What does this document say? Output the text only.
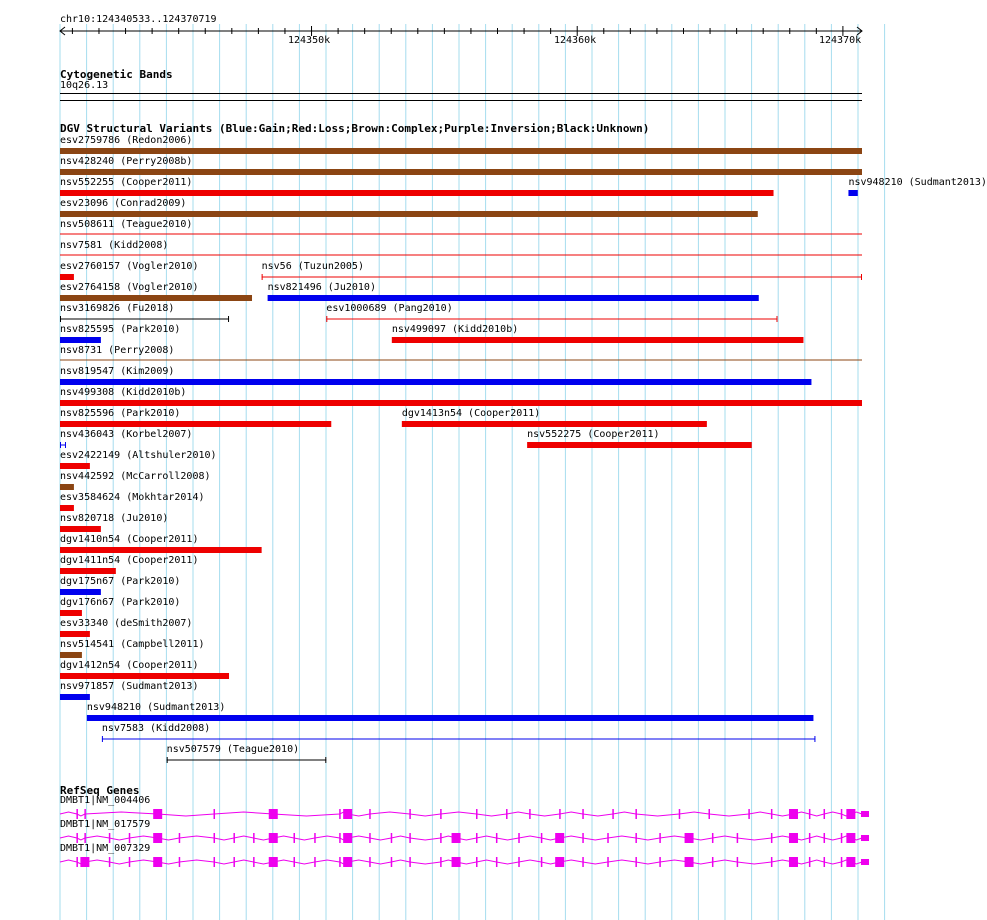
chr10:124340533..124370719
124350k	124360k	124370k
Cytogenetic Bands
10q26.13
DGV Structural Variants (Blue:Gain;Red:Loss;Brown:Complex;Purple:Inversion;Black:Unknown)
esv2759786 (Redon2006)
nsv428240 (Perry2008b)
nsv552255 (Cooper2011)	nsv948210 (Sudmant2013)
esv23096 (Conrad2009)
nsv508611 (Teague2010)
nsv7581 (Kidd2008)
esv2760157 (Vogler2010)	nsv56 (Tuzun2005)
esv2764158 (Vogler2010)	nsv821496 (Ju2010)
nsv3169826 (Fu2018)	esv1000689 (Pang2010)
nsv825595 (Park2010)	nsv499097 (Kidd2010b)
nsv8731 (Perry2008)
nsv819547 (Kim2009)
nsv499308 (Kidd2010b)
nsv825596 (Park2010)	dgv1413n54 (Cooper2011)
nsv436043 (Korbel2007)	nsv552275 (Cooper2011)
esv2422149 (Altshuler2010)
nsv442592 (McCarroll2008)
esv3584624 (Mokhtar2014)
nsv820718 (Ju2010)
dgv1410n54 (Cooper2011)
dgv1411n54 (Cooper2011)
dgv175n67 (Park2010)
dgv176n67 (Park2010)
esv33340 (deSmith2007)
nsv514541 (Campbell2011)
dgv1412n54 (Cooper2011)
nsv971857 (Sudmant2013)
nsv948210 (Sudmant2013)
nsv7583 (Kidd2008)
nsv507579 (Teague2010)
RefSeq Genes
DMBT1|NM_004406
DMBT1|NM_017579
DMBT1|NM_007329
